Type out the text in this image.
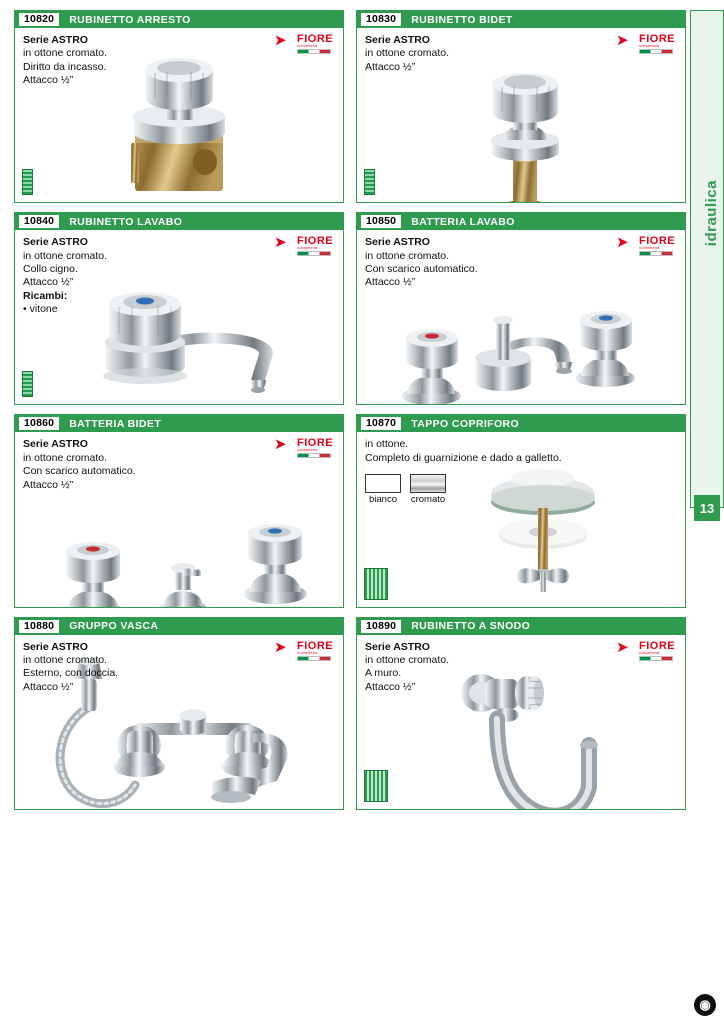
10820	RUBINETTO ARRESTO
Serie ASTRO
in ottone cromato.
Diritto da incasso.
Attacco ½”
➤ FIORE
rubinetteria
10830	RUBINETTO BIDET
Serie ASTRO
in ottone cromato.
Attacco ½”
➤ FIORE
rubinetteria
10840	RUBINETTO LAVABO
Serie ASTRO
in ottone cromato.
Collo cigno.
Attacco ½”
Ricambi:
• vitone
➤ FIORE
rubinetteria
10850	BATTERIA LAVABO
Serie ASTRO
in ottone cromato.
Con scarico automatico.
Attacco ½”
➤ FIORE
rubinetteria
10860	BATTERIA BIDET
Serie ASTRO
in ottone cromato.
Con scarico automatico.
Attacco ½”
➤ FIORE
rubinetteria
10870	TAPPO COPRIFORO
in ottone.
Completo di guarnizione e dado a galletto.
bianco	cromato
10880	GRUPPO VASCA
Serie ASTRO
in ottone cromato.
Esterno, con doccia.
Attacco ½”
➤ FIORE
rubinetteria
10890	RUBINETTO A SNODO
Serie ASTRO
in ottone cromato.
A muro.
Attacco ½”
➤ FIORE
rubinetteria
idraulica
13
◉
